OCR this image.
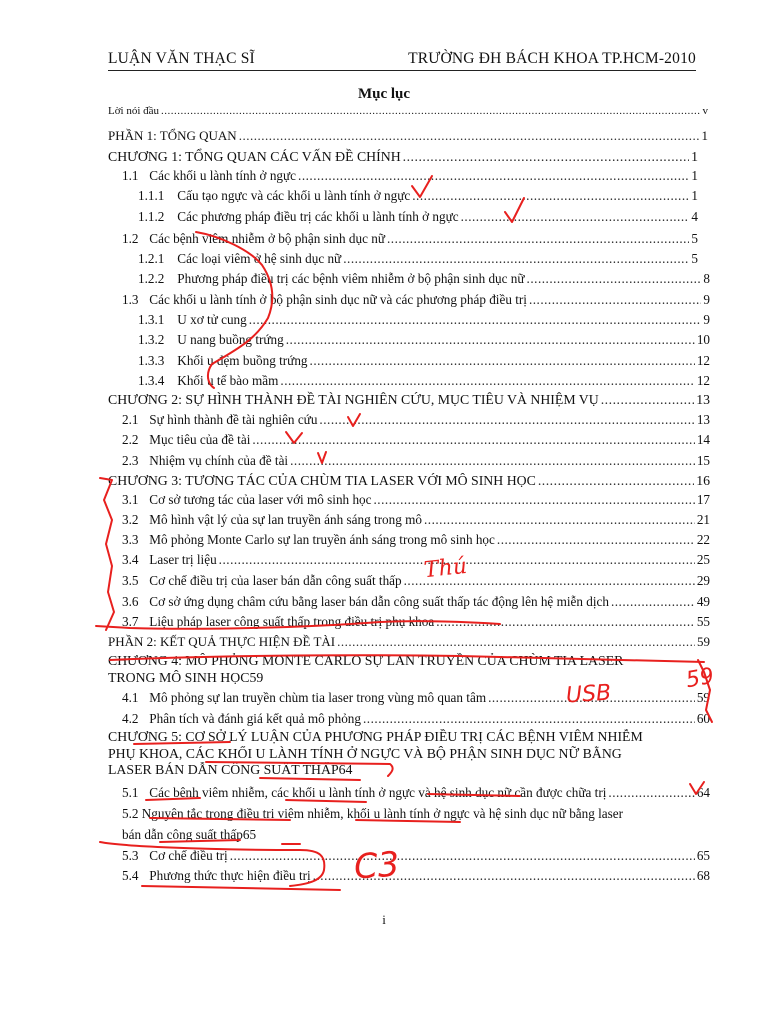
LUẬN VĂN THẠC SĨ	TRƯỜNG ĐH BÁCH KHOA TP.HCM-2010
Mục lục
Lời nói đầu .....	v
PHẦN 1: TỔNG QUAN .....	1
CHƯƠNG 1: TỔNG QUAN CÁC VẤN ĐỀ CHÍNH .....	1
1.1 Các khối u lành tính ở ngực .....	1
1.1.1 Cấu tạo ngực và các khối u lành tính ở ngực .....	1
1.1.2 Các phương pháp điều trị các khối u lành tính ở ngực .....	4
1.2 Các bệnh viêm nhiễm ở bộ phận sinh dục nữ .....	5
1.2.1 Các loại viêm ở hệ sinh dục nữ .....	5
1.2.2 Phương pháp điều trị các bệnh viêm nhiễm ở bộ phận sinh dục nữ .....	8
1.3 Các khối u lành tính ở bộ phận sinh dục nữ và các phương pháp điều trị .....	9
1.3.1 U xơ tử cung .....	9
1.3.2 U nang buồng trứng .....	10
1.3.3 Khối u đệm buồng trứng .....	12
1.3.4 Khối u tế bào mầm .....	12
CHƯƠNG 2: SỰ HÌNH THÀNH ĐỀ TÀI NGHIÊN CỨU, MỤC TIÊU VÀ NHIỆM VỤ .....	13
2.1 Sự hình thành đề tài nghiên cứu .....	13
2.2 Mục tiêu của đề tài .....	14
2.3 Nhiệm vụ chính của đề tài .....	15
CHƯƠNG 3: TƯƠNG TÁC CỦA CHÙM TIA LASER VỚI MÔ SINH HỌC .....	16
3.1 Cơ sở tương tác của laser với mô sinh học .....	17
3.2 Mô hình vật lý của sự lan truyền ánh sáng trong mô .....	21
3.3 Mô phỏng Monte Carlo sự lan truyền ánh sáng trong mô sinh học .....	22
3.4 Laser trị liệu .....	25
3.5 Cơ chế điều trị của laser bán dẫn công suất thấp .....	29
3.6 Cơ sở ứng dụng châm cứu bằng laser bán dẫn công suất thấp tác động lên hệ miễn dịch .....	49
3.7 Liệu pháp laser công suất thấp trong điều trị phụ khoa .....	55
PHẦN 2: KẾT QUẢ THỰC HIỆN ĐỀ TÀI .....	59
CHƯƠNG 4: MÔ PHỎNG MONTE CARLO SỰ LAN TRUYỀN CỦA CHÙM TIA LASER
TRONG MÔ SINH HỌC 59
4.1 Mô phỏng sự lan truyền chùm tia laser trong vùng mô quan tâm .....	59
4.2 Phân tích và đánh giá kết quả mô phỏng .....	60
CHƯƠNG 5: CƠ SỞ LÝ LUẬN CỦA PHƯƠNG PHÁP ĐIỀU TRỊ CÁC BỆNH VIÊM NHIỄM
PHỤ KHOA, CÁC KHỐI U LÀNH TÍNH Ở NGỰC VÀ BỘ PHẬN SINH DỤC NỮ BẰNG
LASER BÁN DẪN CÔNG SUẤT THẤP 64
5.1 Các bệnh viêm nhiễm, các khối u lành tính ở ngực và hệ sinh dục nữ cần được chữa trị .....	64
5.2
Nguyên tắc trong điều trị viêm nhiễm, khối u lành tính ở ngực và hệ sinh dục nữ bằng laser
bán dẫn công suất thấp 65
5.3 Cơ chế điều trị .....	65
5.4 Phương thức thực hiện điều trị .....	68
i
Thú
59
USB
C3
